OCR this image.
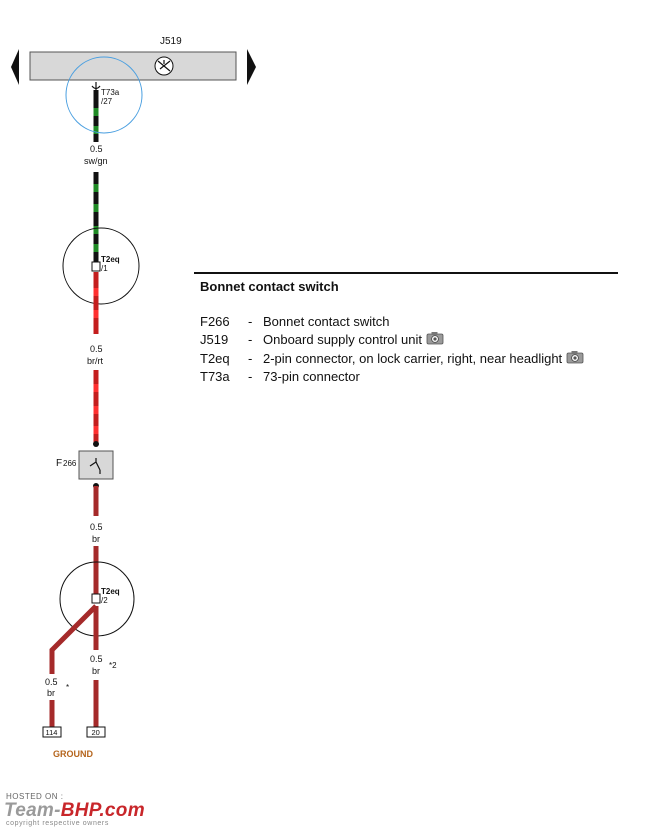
J519
0.5
sw/gn
T73a
/27
T2eq
/1
0.5
br/rt
F 266
0.5
br
T2eq
/2
0.5
br
*
0.5
br
*2
114	20
GROUND
Bonnet contact switch
F266	- Bonnet contact switch
J519	- Onboard supply control unit
T2eq	- 2-pin connector, on lock carrier, right, near headlight
T73a	- 73-pin connector
HOSTED ON :
Team-BHP.com
copyright respective owners
